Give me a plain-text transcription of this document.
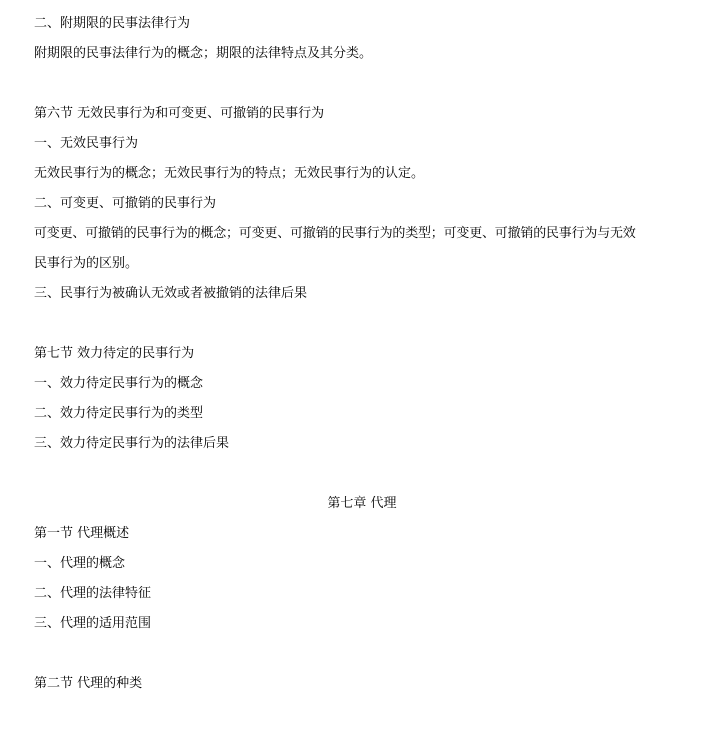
二、附期限的民事法律行为

附期限的民事法律行为的概念；期限的法律特点及其分类。

第六节 无效民事行为和可变更、可撤销的民事行为

一、无效民事行为

无效民事行为的概念；无效民事行为的特点；无效民事行为的认定。

二、可变更、可撤销的民事行为

可变更、可撤销的民事行为的概念；可变更、可撤销的民事行为的类型；可变更、可撤销的民事行为与无效

民事行为的区别。

三、民事行为被确认无效或者被撤销的法律后果

第七节 效力待定的民事行为

一、效力待定民事行为的概念

二、效力待定民事行为的类型

三、效力待定民事行为的法律后果

第七章 代理

第一节 代理概述

一、代理的概念

二、代理的法律特征

三、代理的适用范围

第二节 代理的种类
